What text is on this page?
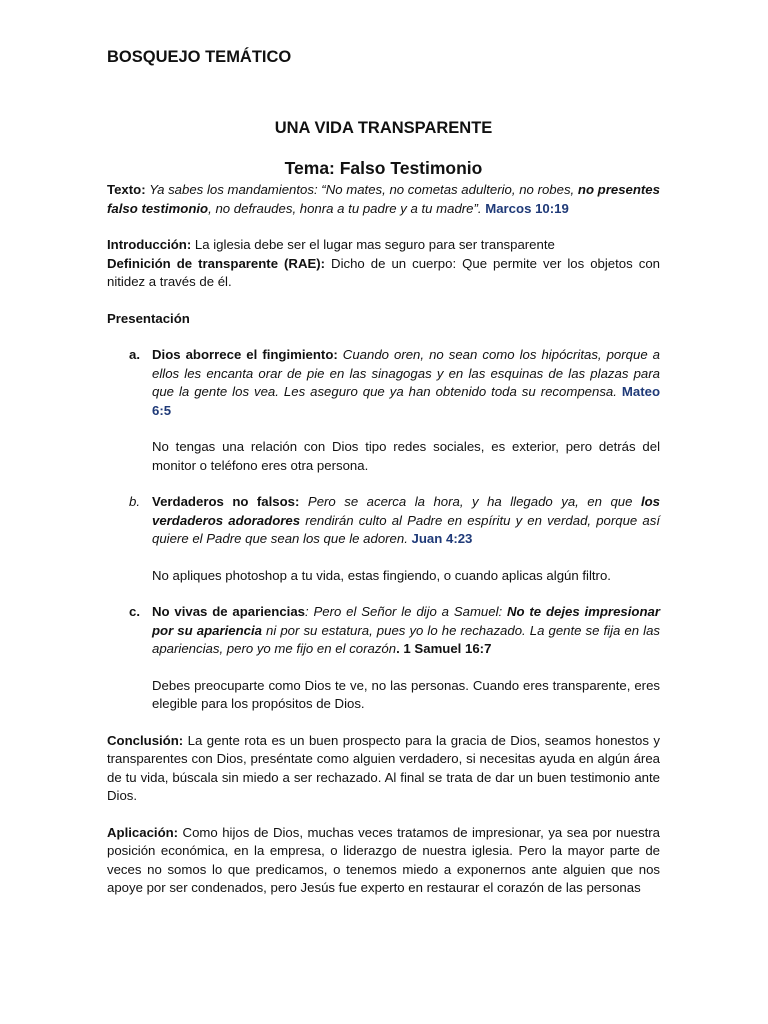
BOSQUEJO TEMÁTICO
UNA VIDA TRANSPARENTE
Tema: Falso Testimonio

Texto: Ya sabes los mandamientos: “No mates, no cometas adulterio, no robes, no presentes falso testimonio, no defraudes, honra a tu padre y a tu madre”. Marcos 10:19

Introducción: La iglesia debe ser el lugar mas seguro para ser transparente

Definición de transparente (RAE): Dicho de un cuerpo: Que permite ver los objetos con nitidez a través de él.

Presentación

a. Dios aborrece el fingimiento: Cuando oren, no sean como los hipócritas, porque a ellos les encanta orar de pie en las sinagogas y en las esquinas de las plazas para que la gente los vea. Les aseguro que ya han obtenido toda su recompensa. Mateo 6:5

No tengas una relación con Dios tipo redes sociales, es exterior, pero detrás del monitor o teléfono eres otra persona.

b. Verdaderos no falsos: Pero se acerca la hora, y ha llegado ya, en que los verdaderos adoradores rendirán culto al Padre en espíritu y en verdad, porque así quiere el Padre que sean los que le adoren. Juan 4:23

No apliques photoshop a tu vida, estas fingiendo, o cuando aplicas algún filtro.

c. No vivas de apariencias: Pero el Señor le dijo a Samuel: No te dejes impresionar por su apariencia ni por su estatura, pues yo lo he rechazado. La gente se fija en las apariencias, pero yo me fijo en el corazón. 1 Samuel 16:7

Debes preocuparte como Dios te ve, no las personas. Cuando eres transparente, eres elegible para los propósitos de Dios.

Conclusión: La gente rota es un buen prospecto para la gracia de Dios, seamos honestos y transparentes con Dios, preséntate como alguien verdadero, si necesitas ayuda en algún área de tu vida, búscala sin miedo a ser rechazado. Al final se trata de dar un buen testimonio ante Dios.

Aplicación: Como hijos de Dios, muchas veces tratamos de impresionar, ya sea por nuestra posición económica, en la empresa, o liderazgo de nuestra iglesia. Pero la mayor parte de veces no somos lo que predicamos, o tenemos miedo a exponernos ante alguien que nos apoye por ser condenados, pero Jesús fue experto en restaurar el corazón de las personas
